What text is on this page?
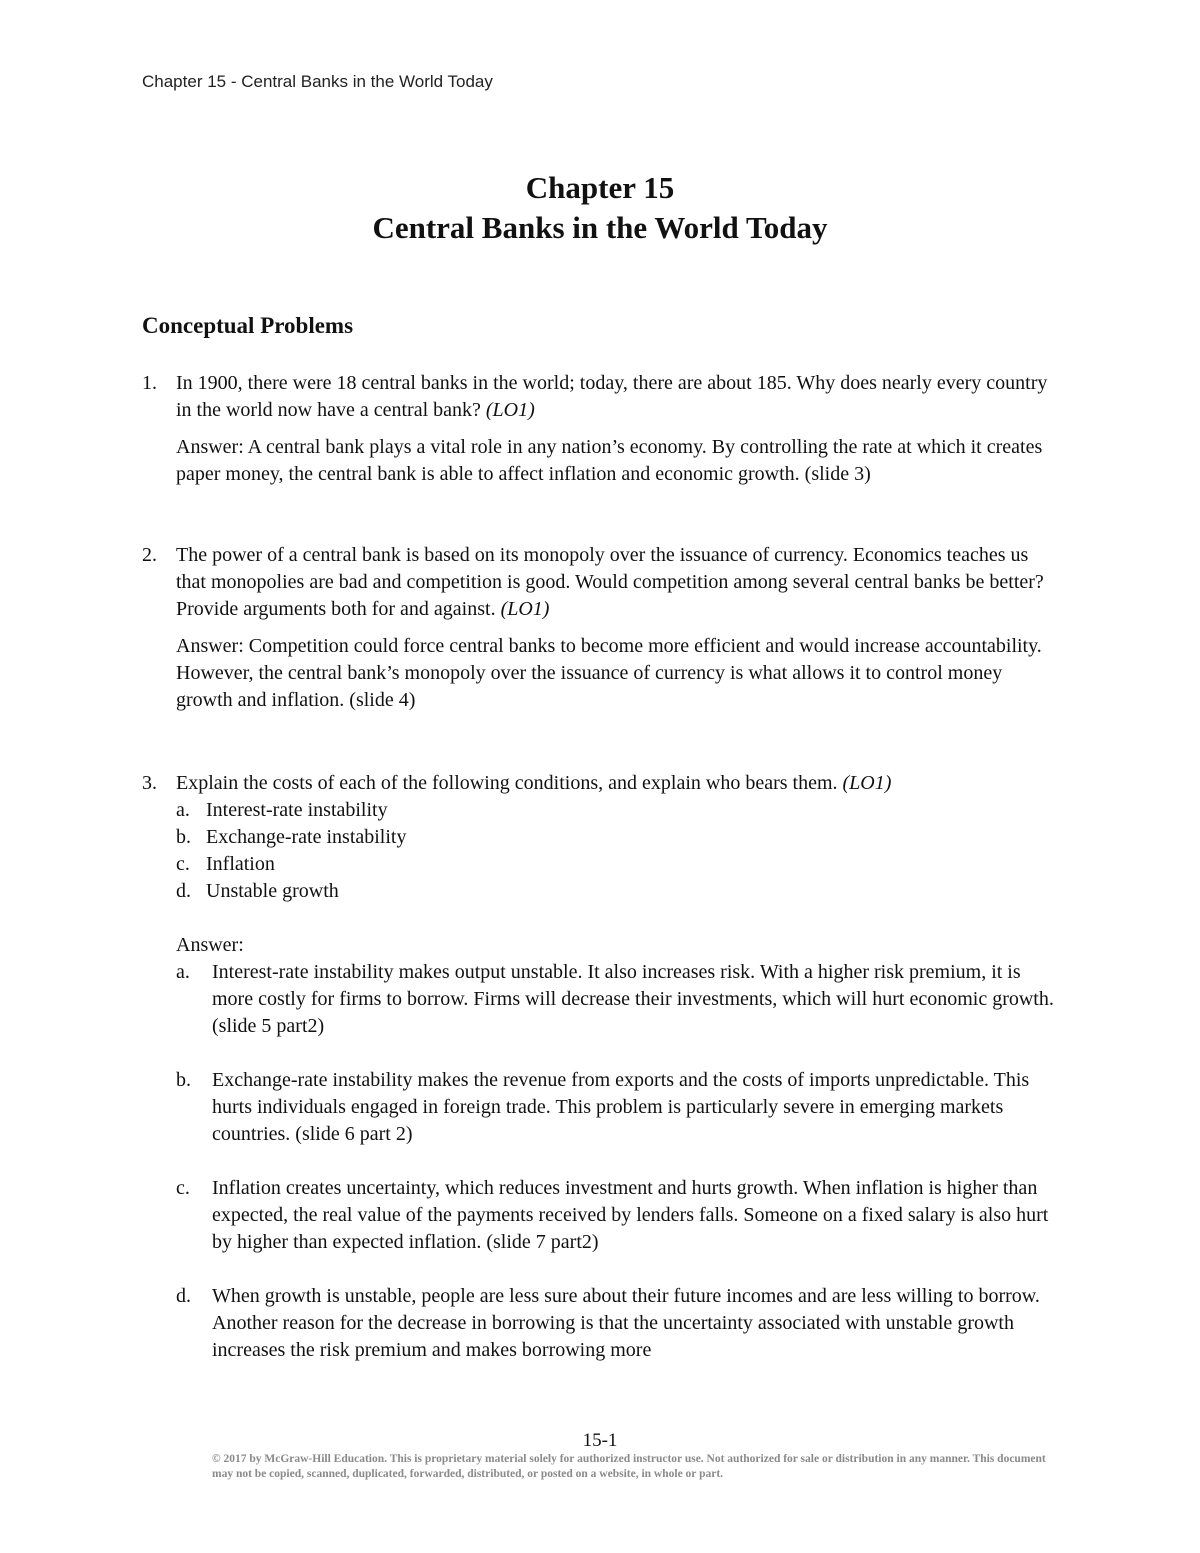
Chapter 15 - Central Banks in the World Today
Chapter 15
Central Banks in the World Today
Conceptual Problems
1. In 1900, there were 18 central banks in the world; today, there are about 185. Why does nearly every country in the world now have a central bank? (LO1)

Answer: A central bank plays a vital role in any nation’s economy. By controlling the rate at which it creates paper money, the central bank is able to affect inflation and economic growth. (slide 3)

2. The power of a central bank is based on its monopoly over the issuance of currency. Economics teaches us that monopolies are bad and competition is good. Would competition among several central banks be better? Provide arguments both for and against. (LO1)

Answer: Competition could force central banks to become more efficient and would increase accountability. However, the central bank’s monopoly over the issuance of currency is what allows it to control money growth and inflation. (slide 4)

3. Explain the costs of each of the following conditions, and explain who bears them. (LO1)

a. Interest-rate instability
b. Exchange-rate instability
c. Inflation
d. Unstable growth
Answer:
a. Interest-rate instability makes output unstable. It also increases risk. With a higher risk premium, it is more costly for firms to borrow. Firms will decrease their investments, which will hurt economic growth. (slide 5 part2)
b. Exchange-rate instability makes the revenue from exports and the costs of imports unpredictable. This hurts individuals engaged in foreign trade. This problem is particularly severe in emerging markets countries. (slide 6 part 2)
c. Inflation creates uncertainty, which reduces investment and hurts growth. When inflation is higher than expected, the real value of the payments received by lenders falls. Someone on a fixed salary is also hurt by higher than expected inflation. (slide 7 part2)
d. When growth is unstable, people are less sure about their future incomes and are less willing to borrow. Another reason for the decrease in borrowing is that the uncertainty associated with unstable growth increases the risk premium and makes borrowing more
15-1
© 2017 by McGraw-Hill Education. This is proprietary material solely for authorized instructor use. Not authorized for sale or distribution in any manner. This document may not be copied, scanned, duplicated, forwarded, distributed, or posted on a website, in whole or part.
